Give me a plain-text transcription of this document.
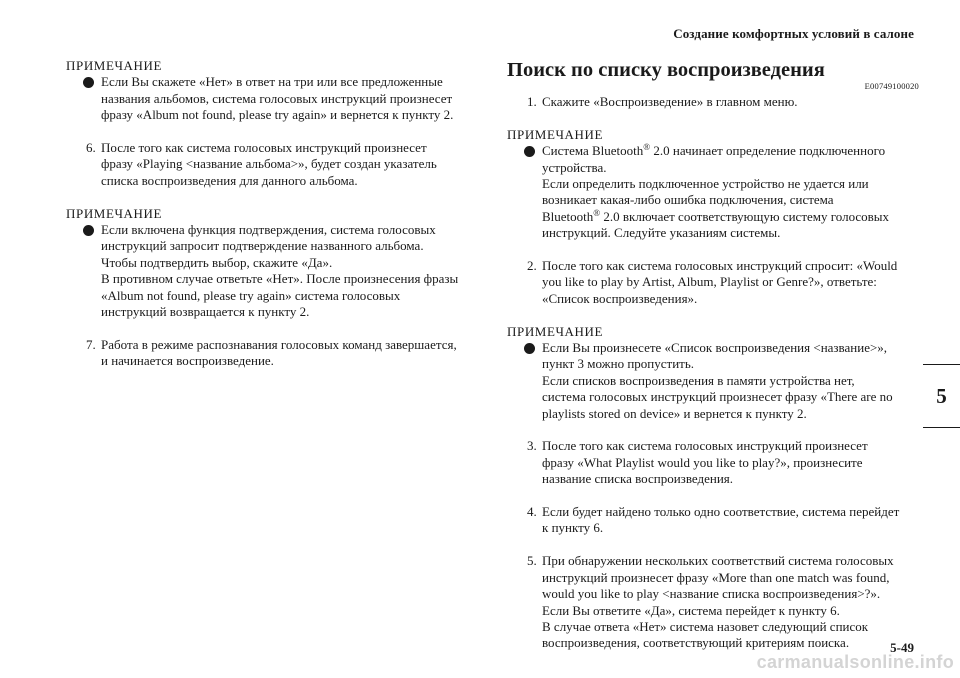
Создание комфортных условий в салоне
ПРИМЕЧАНИЕ
Если Вы скажете «Нет» в ответ на три или все предложенные
названия альбомов, система голосовых инструкций произнесет
фразу «Album not found, please try again» и вернется к пункту 2.
6. После того как система голосовых инструкций произнесет
фразу «Playing <название альбома>», будет создан указатель
списка воспроизведения для данного альбома.
ПРИМЕЧАНИЕ
Если включена функция подтверждения, система голосовых
инструкций запросит подтверждение названного альбома.
Чтобы подтвердить выбор, скажите «Да».
В противном случае ответьте «Нет». После произнесения фразы
«Album not found, please try again» система голосовых
инструкций возвращается к пункту 2.
7. Работа в режиме распознавания голосовых команд завершается,
и начинается воспроизведение.
Поиск по списку воспроизведения
E00749100020
1. Скажите «Воспроизведение» в главном меню.
ПРИМЕЧАНИЕ
Система Bluetooth® 2.0 начинает определение подключенного
устройства.
Если определить подключенное устройство не удается или
возникает какая-либо ошибка подключения, система
Bluetooth® 2.0 включает соответствующую систему голосовых
инструкций. Следуйте указаниям системы.
2. После того как система голосовых инструкций спросит: «Would
you like to play by Artist, Album, Playlist or Genre?», ответьте:
«Список воспроизведения».
ПРИМЕЧАНИЕ
Если Вы произнесете «Список воспроизведения <название>»,
пункт 3 можно пропустить.
Если списков воспроизведения в памяти устройства нет,
система голосовых инструкций произнесет фразу «There are no
playlists stored on device» и вернется к пункту 2.
3. После того как система голосовых инструкций произнесет
фразу «What Playlist would you like to play?», произнесите
название списка воспроизведения.
4. Если будет найдено только одно соответствие, система перейдет
к пункту 6.
5. При обнаружении нескольких соответствий система голосовых
инструкций произнесет фразу «More than one match was found,
would you like to play <название списка воспроизведения>?».
Если Вы ответите «Да», система перейдет к пункту 6.
В случае ответа «Нет» система назовет следующий список
воспроизведения, соответствующий критериям поиска.
5
5-49
carmanualsonline.info
